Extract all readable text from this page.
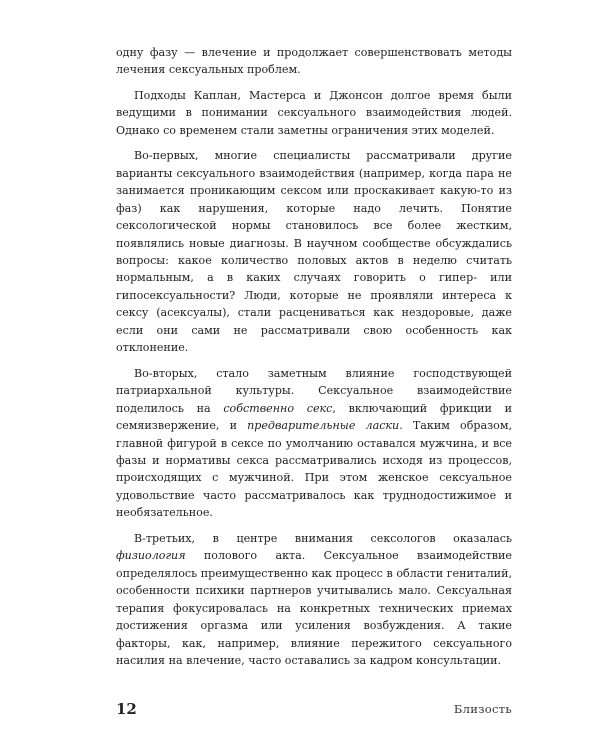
одну фазу — влечение и продолжает совершенствовать методы лечения сексуальных проблем.

Подходы Каплан, Мастерса и Джонсон долгое время были ведущими в понимании сексуального взаимодействия людей. Однако со временем стали заметны ограничения этих моделей.

Во-первых, многие специалисты рассматривали другие варианты сексуального взаимодействия (например, когда пара не занимается проникающим сексом или проскакивает какую-то из фаз) как нарушения, которые надо лечить. Понятие сексологической нормы становилось все более жестким, появлялись новые диагнозы. В научном сообществе обсуждались вопросы: какое количество половых актов в неделю считать нормальным, а в каких случаях говорить о гипер- или гипосексуальности? Люди, которые не проявляли интереса к сексу (асексуалы), стали расцениваться как нездоровые, даже если они сами не рассматривали свою особенность как отклонение.

Во-вторых, стало заметным влияние господствующей патриархальной культуры. Сексуальное взаимодействие поделилось на собственно секс, включающий фрикции и семяизвержение, и предварительные ласки. Таким образом, главной фигурой в сексе по умолчанию оставался мужчина, и все фазы и нормативы секса рассматривались исходя из процессов, происходящих с мужчиной. При этом женское сексуальное удовольствие часто рассматривалось как труднодостижимое и необязательное.

В-третьих, в центре внимания сексологов оказалась физиология полового акта. Сексуальное взаимодействие определялось преимущественно как процесс в области гениталий, особенности психики партнеров учитывались мало. Сексуальная терапия фокусировалась на конкретных технических приемах достижения оргазма или усиления возбуждения. А такие факторы, как, например, влияние пережитого сексуального насилия на влечение, часто оставались за кадром консультации.

12	Близость
